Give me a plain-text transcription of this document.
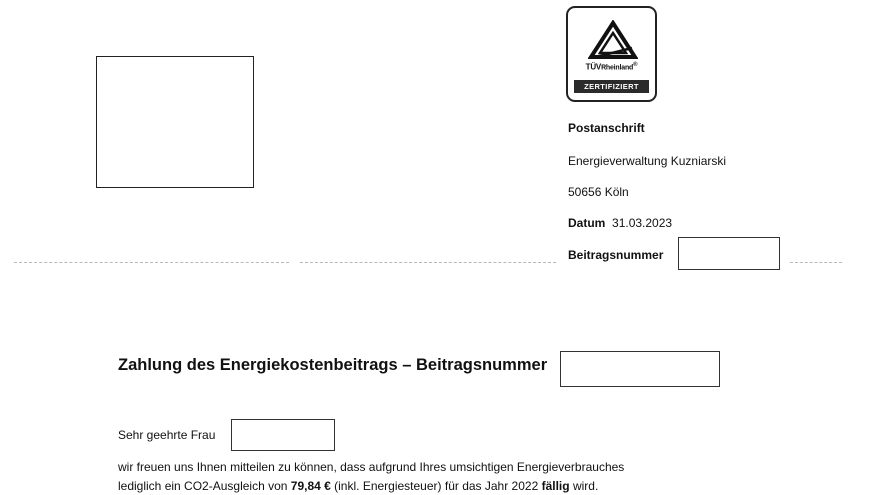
TÜVRheinland®
ZERTIFIZIERT
Postanschrift
Energieverwaltung Kuzniarski
50656 Köln
Datum 31.03.2023
Beitragsnummer
Zahlung des Energiekostenbeitrags – Beitragsnummer
Sehr geehrte Frau
wir freuen uns Ihnen mitteilen zu können, dass aufgrund Ihres umsichtigen Energieverbrauches
lediglich ein CO2-Ausgleich von 79,84 € (inkl. Energiesteuer) für das Jahr 2022 fällig wird.
